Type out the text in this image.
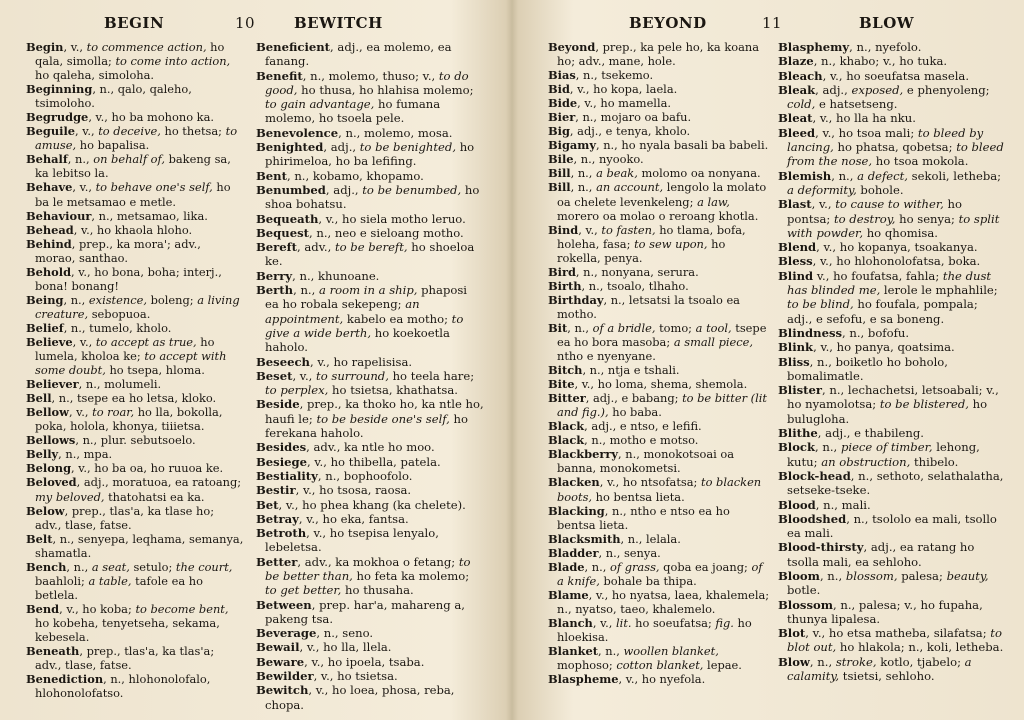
BEGIN	10	BEWITCH

Begin, v., to commence action, ho qala, simolla; to come into action, ho qaleha, simoloha.

Beginning, n., qalo, qaleho, tsimoloho.

Begrudge, v., ho ba mohono ka.

Beguile, v., to deceive, ho thetsa; to amuse, ho bapalisa.

Behalf, n., on behalf of, bakeng sa, ka lebitso la.

Behave, v., to behave one's self, ho ba le metsamao e metle.

Behaviour, n., metsamao, lika.

Behead, v., ho khaola hloho.

Behind, prep., ka mora'; adv., morao, santhao.

Behold, v., ho bona, boha; interj., bona! bonang!

Being, n., existence, boleng; a living creature, sebopuoa.

Belief, n., tumelo, kholo.

Believe, v., to accept as true, ho lumela, kholoa ke; to accept with some doubt, ho tsepa, hloma.

Believer, n., molumeli.

Bell, n., tsepe ea ho letsa, kloko.

Bellow, v., to roar, ho lla, bokolla, poka, holola, khonya, tiiietsa.

Bellows, n., plur. sebutsoelo.

Belly, n., mpa.

Belong, v., ho ba oa, ho ruuoa ke.

Beloved, adj., moratuoa, ea ratoang; my beloved, thatohatsi ea ka.

Below, prep., tlas'a, ka tlase ho; adv., tlase, fatse.

Belt, n., senyepa, leqhama, semanya, shamatla.

Bench, n., a seat, setulo; the court, baahloli; a table, tafole ea ho betlela.

Bend, v., ho koba; to become bent, ho kobeha, tenyetseha, sekama, kebesela.

Beneath, prep., tlas'a, ka tlas'a; adv., tlase, fatse.

Benediction, n., hlohonolofalo, hlohonolofatso.

Beneficient, adj., ea molemo, ea fanang.

Benefit, n., molemo, thuso; v., to do good, ho thusa, ho hlahisa molemo; to gain advantage, ho fumana molemo, ho tsoela pele.

Benevolence, n., molemo, mosa.

Benighted, adj., to be benighted, ho phirimeloa, ho ba lefifing.

Bent, n., kobamo, khopamo.

Benumbed, adj., to be benumbed, ho shoa bohatsu.

Bequeath, v., ho siela motho leruo.

Bequest, n., neo e sieloang motho.

Bereft, adv., to be bereft, ho shoeloa ke.

Berry, n., khunoane.

Berth, n., a room in a ship, phaposi ea ho robala sekepeng; an appointment, kabelo ea motho; to give a wide berth, ho koekoetla haholo.

Beseech, v., ho rapelisisa.

Beset, v., to surround, ho teela hare; to perplex, ho tsietsa, khathatsa.

Beside, prep., ka thoko ho, ka ntle ho, haufi le; to be beside one's self, ho ferekana haholo.

Besides, adv., ka ntle ho moo.

Besiege, v., ho thibella, patela.

Bestiality, n., bophoofolo.

Bestir, v., ho tsosa, raosa.

Bet, v., ho phea khang (ka chelete).

Betray, v., ho eka, fantsa.

Betroth, v., ho tsepisa lenyalo, lebeletsa.

Better, adv., ka mokhoa o fetang; to be better than, ho feta ka molemo; to get better, ho thusaha.

Between, prep. har'a, mahareng a, pakeng tsa.

Beverage, n., seno.

Bewail, v., ho lla, llela.

Beware, v., ho ipoela, tsaba.

Bewilder, v., ho tsietsa.

Bewitch, v., ho loea, phosa, reba, chopa.

BEYOND	11	BLOW

Beyond, prep., ka pele ho, ka koana ho; adv., mane, hole.

Bias, n., tsekemo.

Bid, v., ho kopa, laela.

Bide, v., ho mamella.

Bier, n., mojaro oa bafu.

Big, adj., e tenya, kholo.

Bigamy, n., ho nyala basali ba babeli.

Bile, n., nyooko.

Bill, n., a beak, molomo oa nonyana.

Bill, n., an account, lengolo la molato oa chelete levenkeleng; a law, morero oa molao o reroang khotla.

Bind, v., to fasten, ho tlama, bofa, holeha, fasa; to sew upon, ho rokella, penya.

Bird, n., nonyana, serura.

Birth, n., tsoalo, tlhaho.

Birthday, n., letsatsi la tsoalo ea motho.

Bit, n., of a bridle, tomo; a tool, tsepe ea ho bora masoba; a small piece, ntho e nyenyane.

Bitch, n., ntja e tshali.

Bite, v., ho loma, shema, shemola.

Bitter, adj., e babang; to be bitter (lit and fig.), ho baba.

Black, adj., e ntso, e lefifi.

Black, n., motho e motso.

Blackberry, n., monokotsoai oa banna, monokometsi.

Blacken, v., ho ntsofatsa; to blacken boots, ho bentsa lieta.

Blacking, n., ntho e ntso ea ho bentsa lieta.

Blacksmith, n., lelala.

Bladder, n., senya.

Blade, n., of grass, qoba ea joang; of a knife, bohale ba thipa.

Blame, v., ho nyatsa, laea, khalemela; n., nyatso, taeo, khalemelo.

Blanch, v., lit. ho soeufatsa; fig. ho hloekisa.

Blanket, n., woollen blanket, mophoso; cotton blanket, lepae.

Blaspheme, v., ho nyefola.

Blasphemy, n., nyefolo.

Blaze, n., khabo; v., ho tuka.

Bleach, v., ho soeufatsa masela.

Bleak, adj., exposed, e phenyoleng; cold, e hatsetseng.

Bleat, v., ho lla ha nku.

Bleed, v., ho tsoa mali; to bleed by lancing, ho phatsa, qobetsa; to bleed from the nose, ho tsoa mokola.

Blemish, n., a defect, sekoli, letheba; a deformity, bohole.

Blast, v., to cause to wither, ho pontsa; to destroy, ho senya; to split with powder, ho qhomisa.

Blend, v., ho kopanya, tsoakanya.

Bless, v., ho hlohonolofatsa, boka.

Blind v., ho foufatsa, fahla; the dust has blinded me, lerole le mphahlile; to be blind, ho foufala, pompala; adj., e sefofu, e sa boneng.

Blindness, n., bofofu.

Blink, v., ho panya, qoatsima.

Bliss, n., boiketlo ho boholo, bomalimatle.

Blister, n., lechachetsi, letsoabali; v., ho nyamolotsa; to be blistered, ho bulugloha.

Blithe, adj., e thabileng.

Block, n., piece of timber, lehong, kutu; an obstruction, thibelo.

Block-head, n., sethoto, selathalatha, setseke-tseke.

Blood, n., mali.

Bloodshed, n., tsololo ea mali, tsollo ea mali.

Blood-thirsty, adj., ea ratang ho tsolla mali, ea sehloho.

Bloom, n., blossom, palesa; beauty, botle.

Blossom, n., palesa; v., ho fupaha, thunya lipalesa.

Blot, v., ho etsa matheba, silafatsa; to blot out, ho hlakola; n., koli, letheba.

Blow, n., stroke, kotlo, tjabelo; a calamity, tsietsi, sehloho.
